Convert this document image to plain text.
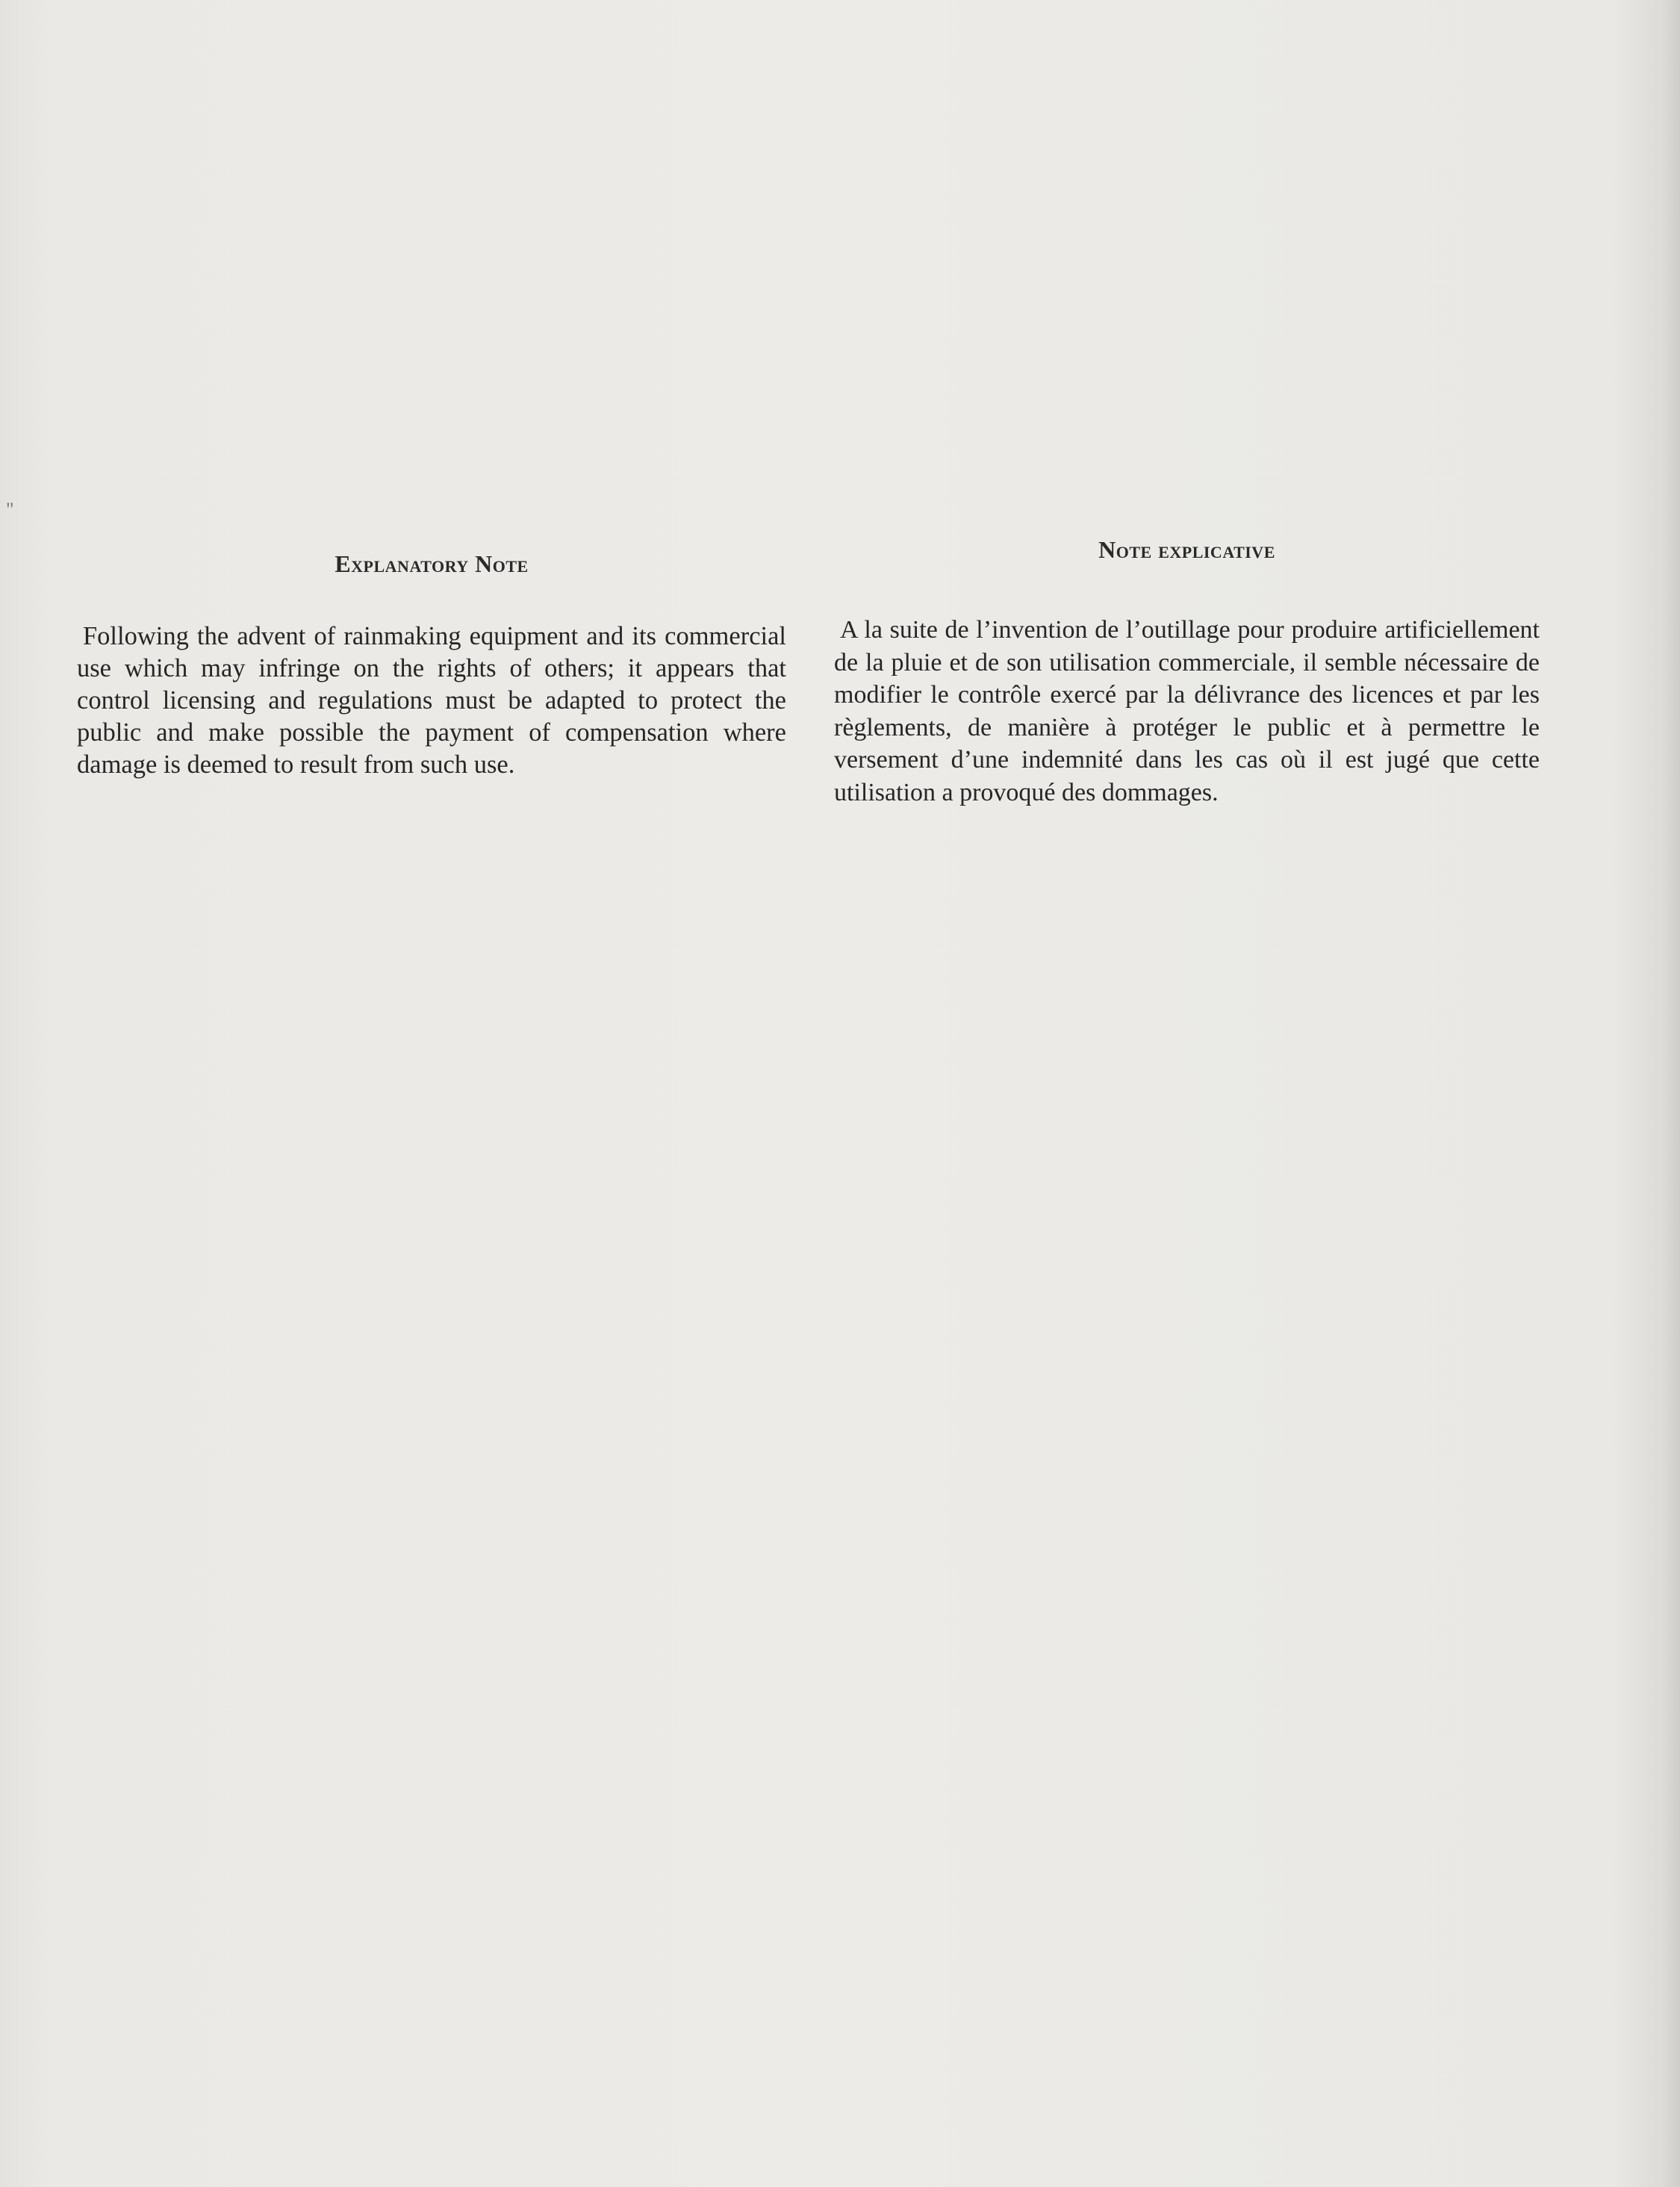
"
Explanatory Note

Following the advent of rainmaking equipment and its commercial use which may infringe on the rights of others; it appears that control licensing and regulations must be adapted to protect the public and make possible the payment of compensation where damage is deemed to result from such use.

Note explicative

A la suite de l’invention de l’outillage pour produire artificiellement de la pluie et de son utilisation commerciale, il semble nécessaire de modifier le contrôle exercé par la délivrance des licences et par les règlements, de manière à protéger le public et à permettre le versement d’une indemnité dans les cas où il est jugé que cette utilisation a provoqué des dommages.
